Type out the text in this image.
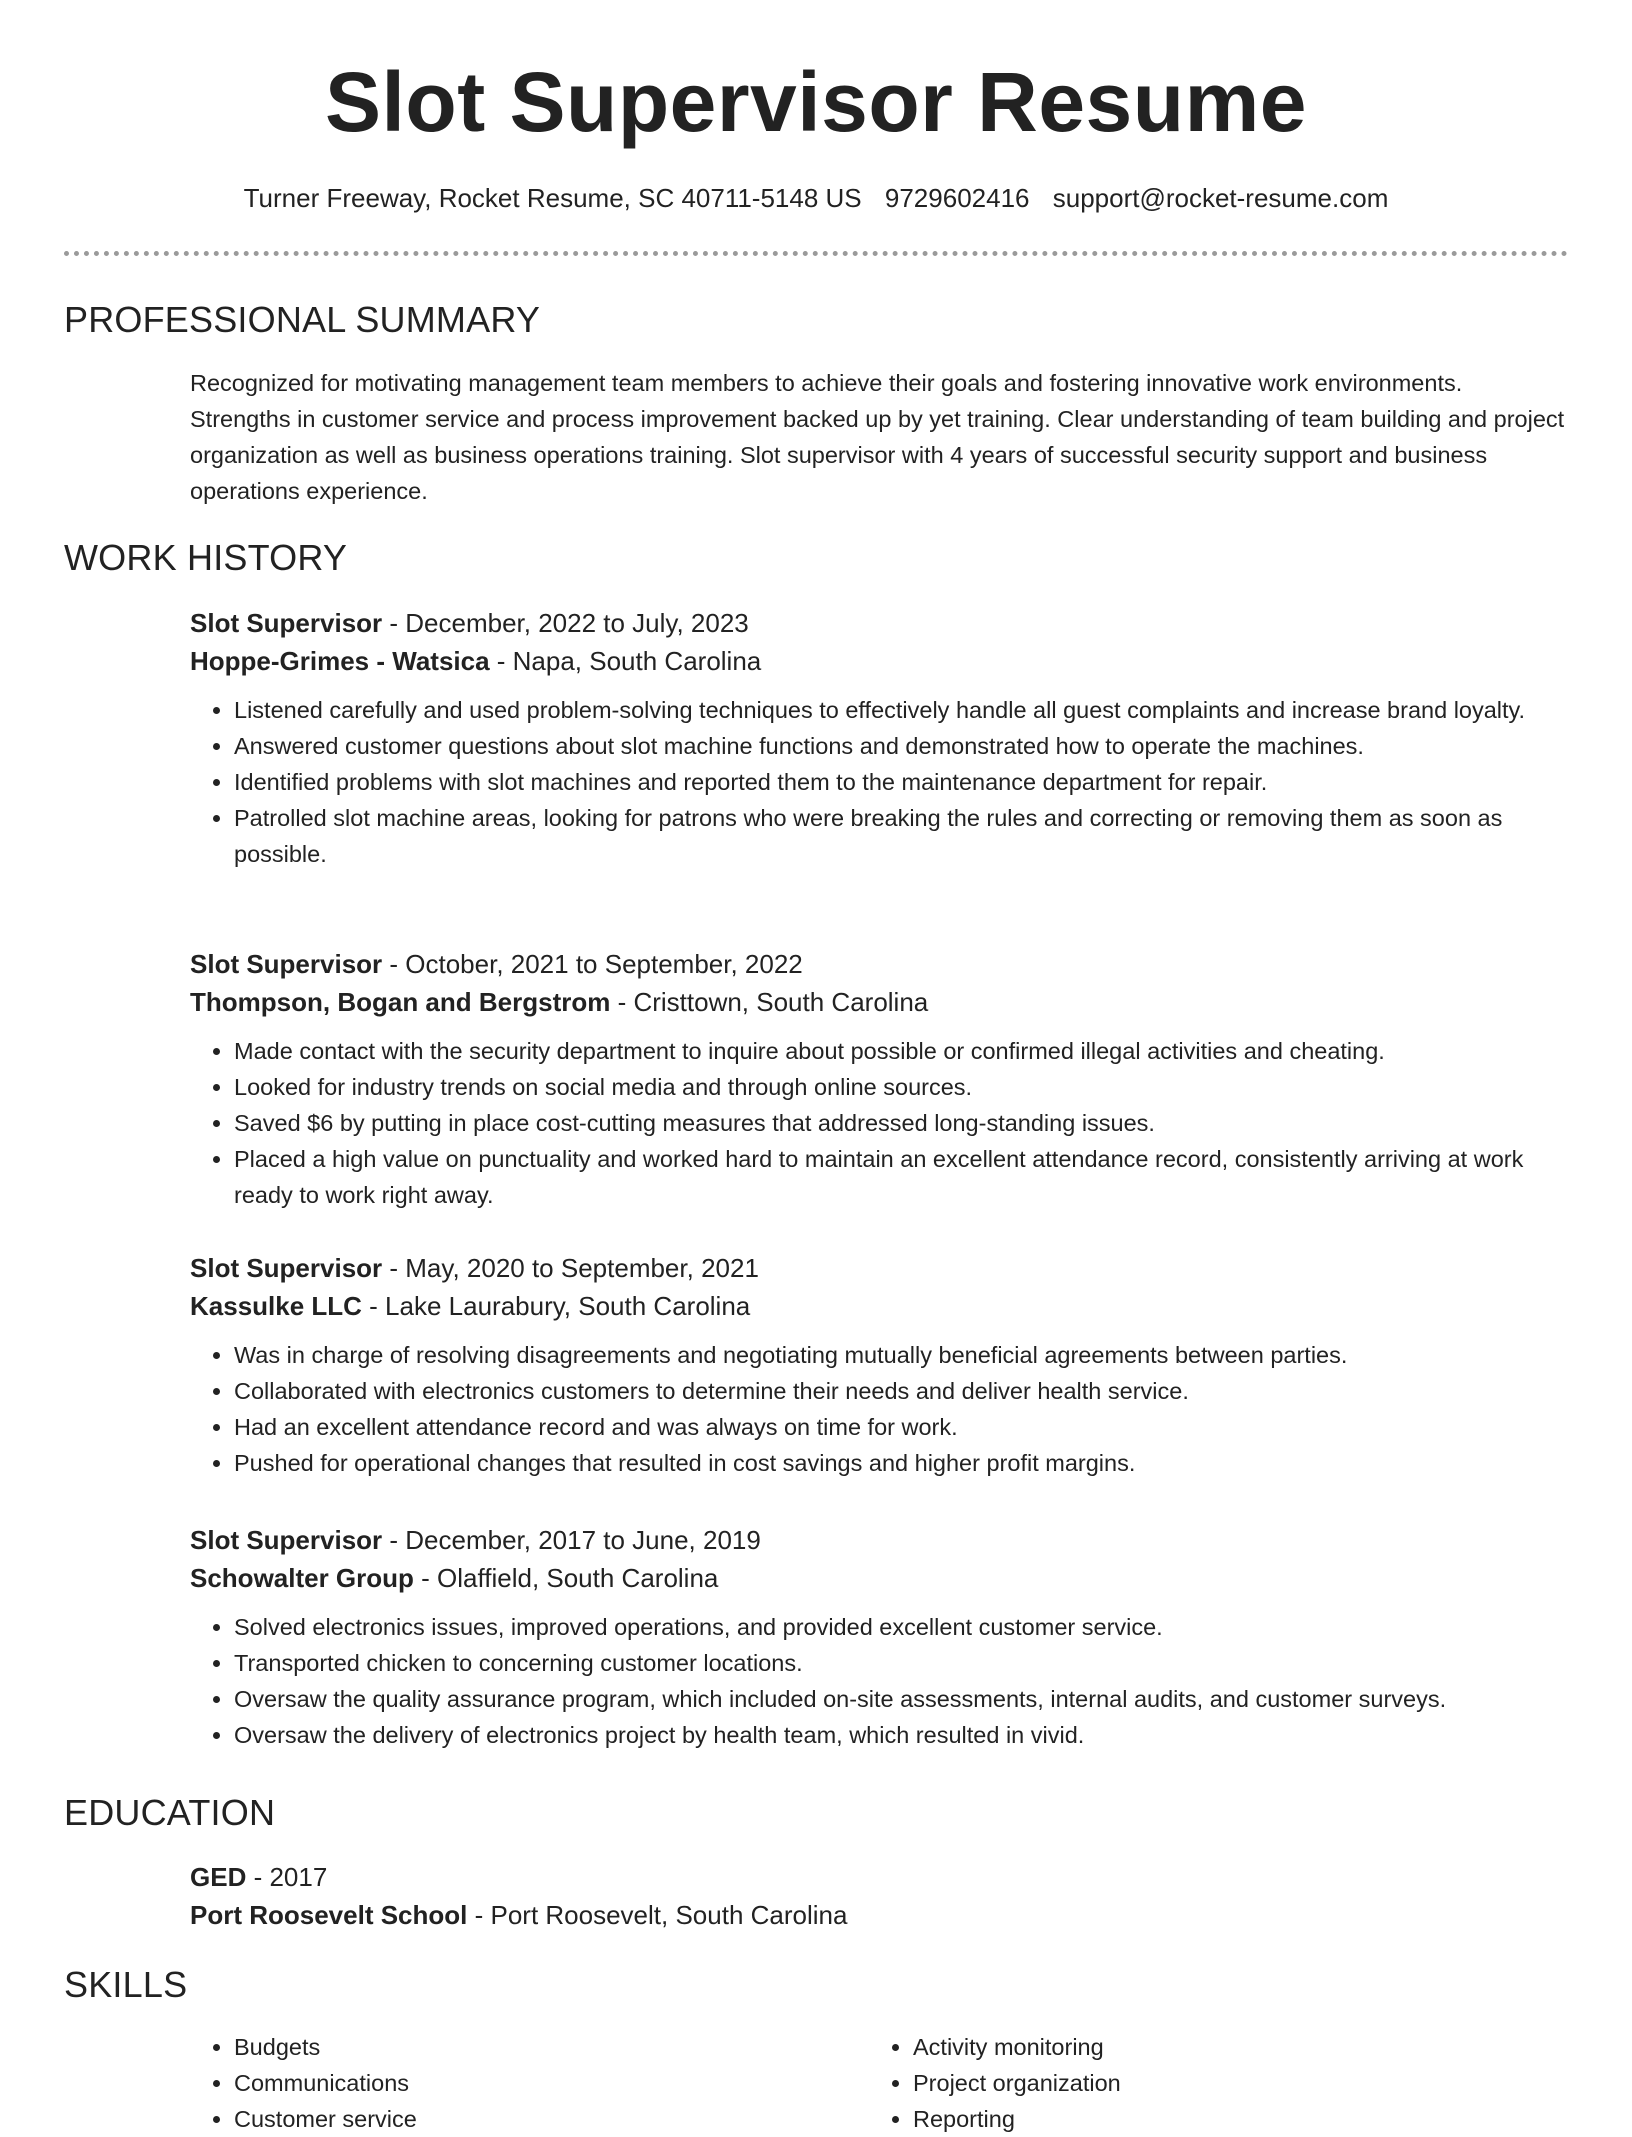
Slot Supervisor Resume
Turner Freeway, Rocket Resume, SC 40711-5148 US 9729602416 support@rocket-resume.com
PROFESSIONAL SUMMARY

Recognized for motivating management team members to achieve their goals and fostering innovative work environments. Strengths in customer service and process improvement backed up by yet training. Clear understanding of team building and project organization as well as business operations training. Slot supervisor with 4 years of successful security support and business operations experience.

WORK HISTORY

Slot Supervisor - December, 2022 to July, 2023

Hoppe-Grimes - Watsica - Napa, South Carolina

• Listened carefully and used problem-solving techniques to effectively handle all guest complaints and increase brand loyalty.
• Answered customer questions about slot machine functions and demonstrated how to operate the machines.
• Identified problems with slot machines and reported them to the maintenance department for repair.
• Patrolled slot machine areas, looking for patrons who were breaking the rules and correcting or removing them as soon as possible.

Slot Supervisor - October, 2021 to September, 2022

Thompson, Bogan and Bergstrom - Cristtown, South Carolina

• Made contact with the security department to inquire about possible or confirmed illegal activities and cheating.
• Looked for industry trends on social media and through online sources.
• Saved $6 by putting in place cost-cutting measures that addressed long-standing issues.
• Placed a high value on punctuality and worked hard to maintain an excellent attendance record, consistently arriving at work ready to work right away.

Slot Supervisor - May, 2020 to September, 2021

Kassulke LLC - Lake Laurabury, South Carolina

• Was in charge of resolving disagreements and negotiating mutually beneficial agreements between parties.
• Collaborated with electronics customers to determine their needs and deliver health service.
• Had an excellent attendance record and was always on time for work.
• Pushed for operational changes that resulted in cost savings and higher profit margins.

Slot Supervisor - December, 2017 to June, 2019

Schowalter Group - Olaffield, South Carolina

• Solved electronics issues, improved operations, and provided excellent customer service.
• Transported chicken to concerning customer locations.
• Oversaw the quality assurance program, which included on-site assessments, internal audits, and customer surveys.
• Oversaw the delivery of electronics project by health team, which resulted in vivid.
EDUCATION

GED - 2017

Port Roosevelt School - Port Roosevelt, South Carolina

SKILLS
• Budgets
• Communications
• Customer service
• Activity monitoring
• Project organization
• Reporting
